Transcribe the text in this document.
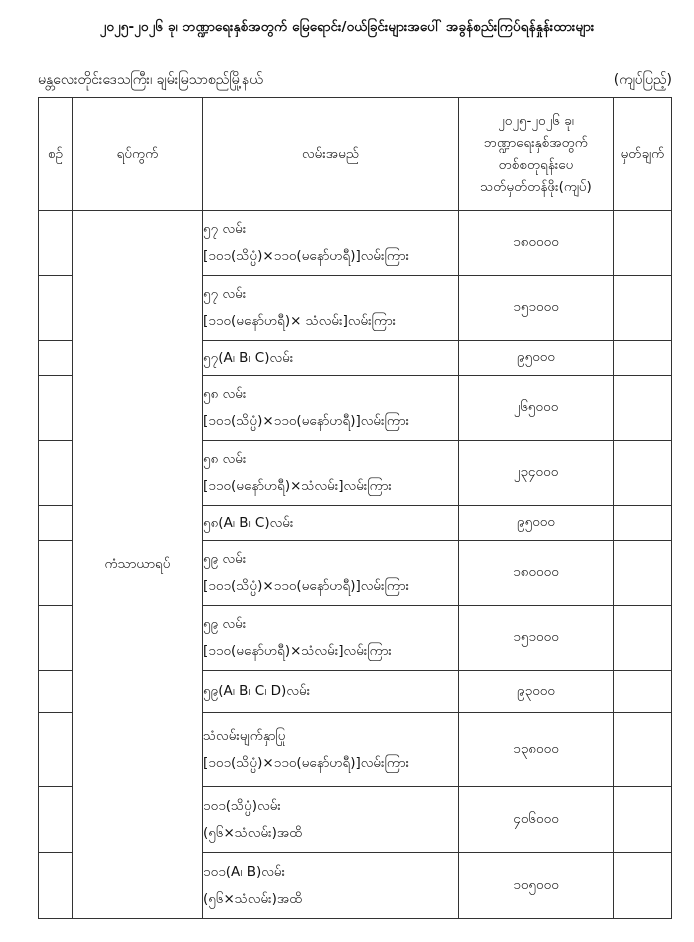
၂၀၂၅-၂၀၂၆ ခု၊ ဘဏ္ဍာရေးနှစ်အတွက် မြေရောင်း/ဝယ်ခြင်းများအပေါ် အခွန်စည်းကြပ်ရန်နှုန်းထားများ
မန္တလေးတိုင်းဒေသကြီး၊ ချမ်းမြသာစည်မြို့နယ်	(ကျပ်ပြည့်)
စဉ်	ရပ်ကွက်	လမ်းအမည်	၂၀၂၅-၂၀၂၆ ခု၊
ဘဏ္ဍာရေးနှစ်အတွက်
တစ်စတုရန်းပေ
သတ်မှတ်တန်ဖိုး(ကျပ်)	မှတ်ချက်
	ကံသာယာရပ်	၅၇ လမ်း
[၁၀၁(သိပ္ပံ)×၁၁၀(မနော်ဟရီ)]လမ်းကြား	၁၈၀၀၀၀	

		၅၇ လမ်း
[၁၁၀(မနော်ဟရီ)× သံလမ်း]လမ်းကြား	၁၅၁၀၀၀	

		၅၇(A၊ B၊ C)လမ်း	၉၅၀၀၀	

		၅၈ လမ်း
[၁၀၁(သိပ္ပံ)×၁၁၀(မနော်ဟရီ)]လမ်းကြား	၂၆၅၀၀၀	

		၅၈ လမ်း
[၁၁၀(မနော်ဟရီ)×သံလမ်း]လမ်းကြား	၂၃၄၀၀၀	

		၅၈(A၊ B၊ C)လမ်း	၉၅၀၀၀	

		၅၉ လမ်း
[၁၀၁(သိပ္ပံ)×၁၁၀(မနော်ဟရီ)]လမ်းကြား	၁၈၀၀၀၀	

		၅၉ လမ်း
[၁၁၀(မနော်ဟရီ)×သံလမ်း]လမ်းကြား	၁၅၁၀၀၀	

		၅၉(A၊ B၊ C၊ D)လမ်း	၉၃၀၀၀	

		သံလမ်းမျက်နှာပြု
[၁၀၁(သိပ္ပံ)×၁၁၀(မနော်ဟရီ)]လမ်းကြား	၁၃၈၀၀၀	

		၁၀၁(သိပ္ပံ)လမ်း
(၅၆×သံလမ်း)အထိ	၄၀၆၀၀၀	

		၁၀၁(A၊ B)လမ်း
(၅၆×သံလမ်း)အထိ	၁၀၅၀၀၀	
